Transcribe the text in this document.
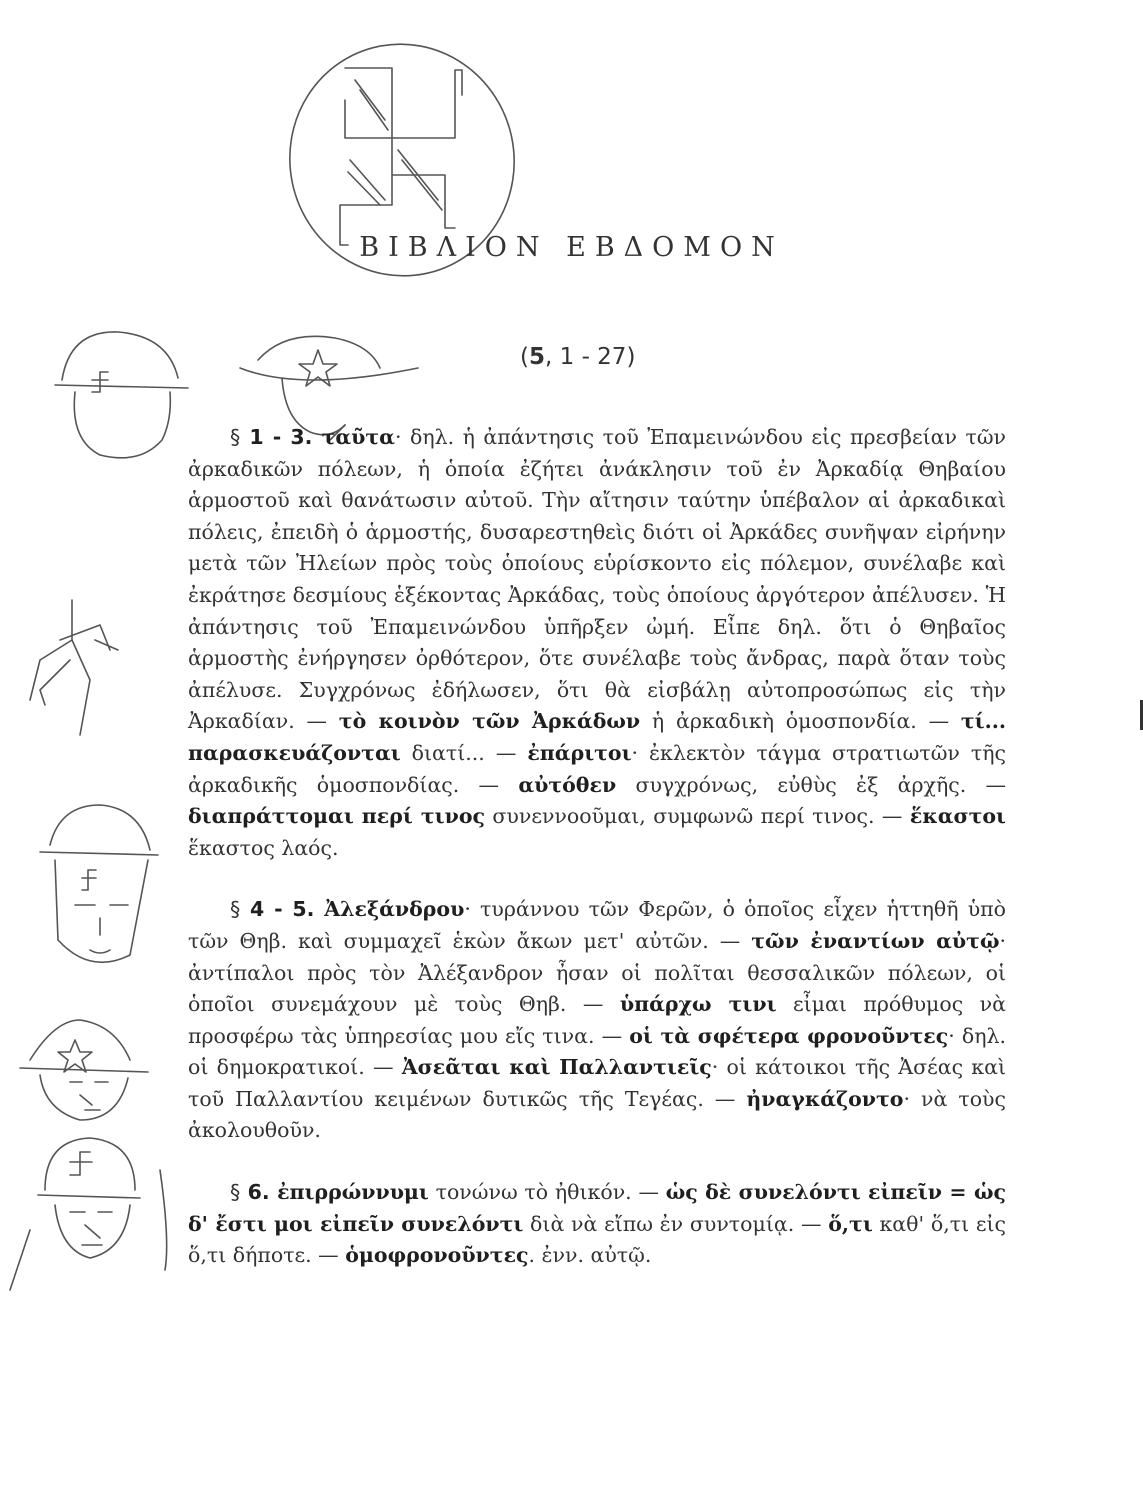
ΒΙΒΛΙΟΝ ΕΒΔΟΜΟΝ
(5, 1 - 27)

§ 1 - 3. ταῦτα· δηλ. ἡ ἀπάντησις τοῦ Ἐπαμεινώνδου εἰς πρεσβείαν τῶν ἀρκαδικῶν πόλεων, ἡ ὁποία ἐζήτει ἀνάκλησιν τοῦ ἐν Ἀρκαδίᾳ Θηβαίου ἁρμοστοῦ καὶ θανάτωσιν αὐτοῦ. Τὴν αἴτησιν ταύτην ὑπέβαλον αἱ ἀρκαδικαὶ πόλεις, ἐπειδὴ ὁ ἁρμοστής, δυσαρεστηθεὶς διότι οἱ Ἀρκάδες συνῆψαν εἰρήνην μετὰ τῶν Ἠλείων πρὸς τοὺς ὁποίους εὑρίσκοντο εἰς πόλεμον, συνέλαβε καὶ ἐκράτησε δεσμίους ἑξέκοντας Ἀρκάδας, τοὺς ὁποίους ἀργότερον ἀπέλυσεν. Ἡ ἀπάντησις τοῦ Ἐπαμεινώνδου ὑπῆρξεν ὠμή. Εἶπε δηλ. ὅτι ὁ Θηβαῖος ἁρμοστὴς ἐνήργησεν ὀρθότερον, ὅτε συνέλαβε τοὺς ἄνδρας, παρὰ ὅταν τοὺς ἀπέλυσε. Συγχρόνως ἐδήλωσεν, ὅτι θὰ εἰσβάλῃ αὐτοπροσώπως εἰς τὴν Ἀρκαδίαν. — τὸ κοινὸν τῶν Ἀρκάδων ἡ ἀρκαδικὴ ὁμοσπονδία. — τί... παρασκευάζονται διατί... — ἐπάριτοι· ἐκλεκτὸν τάγμα στρατιωτῶν τῆς ἀρκαδικῆς ὁμοσπονδίας. — αὐτόθεν συγχρόνως, εὐθὺς ἐξ ἀρχῆς. — διαπράττομαι περί τινος συνεννοοῦμαι, συμφωνῶ περί τινος. — ἕκαστοι ἕκαστος λαός.

§ 4 - 5. Ἀλεξάνδρου· τυράννου τῶν Φερῶν, ὁ ὁποῖος εἶχεν ἡττηθῆ ὑπὸ τῶν Θηβ. καὶ συμμαχεῖ ἑκὼν ἄκων μετ' αὐτῶν. — τῶν ἐναντίων αὐτῷ· ἀντίπαλοι πρὸς τὸν Ἀλέξανδρον ἦσαν οἱ πολῖται θεσσαλικῶν πόλεων, οἱ ὁποῖοι συνεμάχουν μὲ τοὺς Θηβ. — ὑπάρχω τινι εἶμαι πρόθυμος νὰ προσφέρω τὰς ὑπηρεσίας μου εἴς τινα. — οἱ τὰ σφέτερα φρονοῦντες· δηλ. οἱ δημοκρατικοί. — Ἀσεᾶται καὶ Παλλαντιεῖς· οἱ κάτοικοι τῆς Ἀσέας καὶ τοῦ Παλλαντίου κειμένων δυτικῶς τῆς Τεγέας. — ἠναγκάζοντο· νὰ τοὺς ἀκολουθοῦν.

§ 6. ἐπιρρώννυμι τονώνω τὸ ἠθικόν. — ὡς δὲ συνελόντι εἰπεῖν = ὡς δ' ἔστι μοι εἰπεῖν συνελόντι διὰ νὰ εἴπω ἐν συντομίᾳ. — ὅ,τι καθ' ὅ,τι εἰς ὅ,τι δήποτε. — ὁμοφρονοῦντες. ἐνν. αὐτῷ.
